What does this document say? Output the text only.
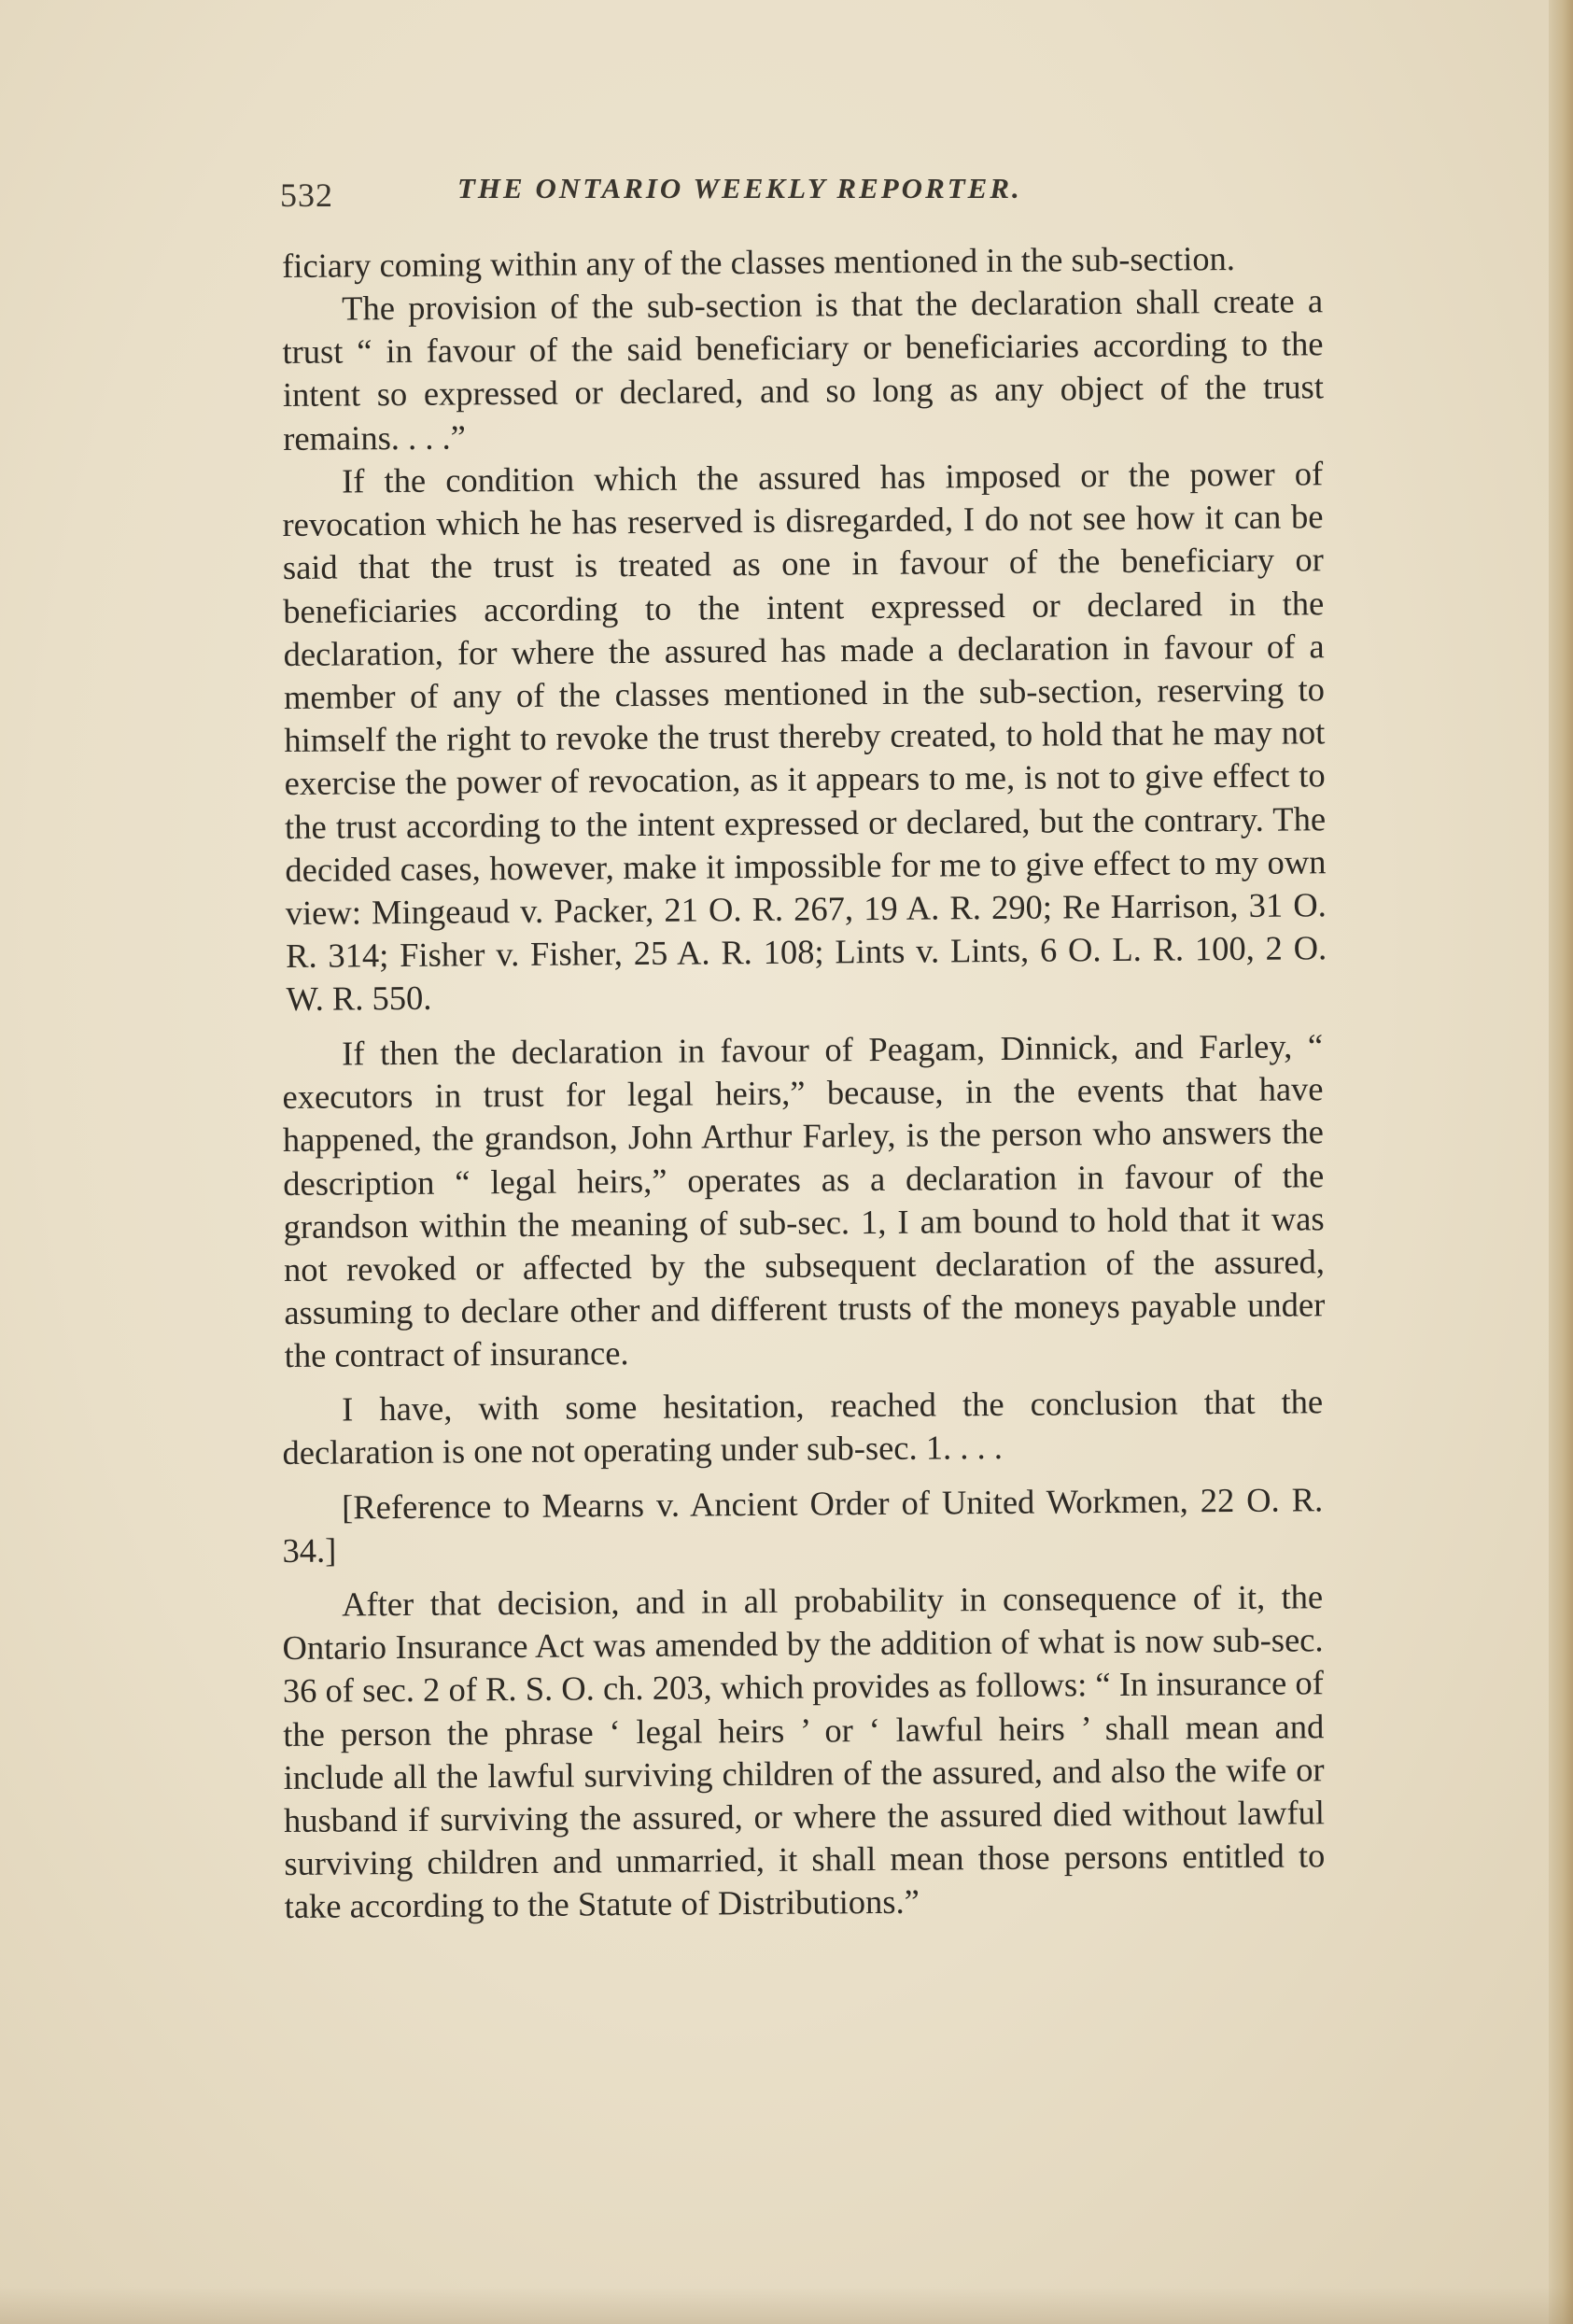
532	THE ONTARIO WEEKLY REPORTER.

ficiary coming within any of the classes mentioned in the sub-section.

The provision of the sub-section is that the declaration shall create a trust “ in favour of the said beneficiary or beneficiaries according to the intent so expressed or declared, and so long as any object of the trust remains. . . .”

If the condition which the assured has imposed or the power of revocation which he has reserved is disregarded, I do not see how it can be said that the trust is treated as one in favour of the beneficiary or beneficiaries according to the intent expressed or declared in the declaration, for where the assured has made a declaration in favour of a member of any of the classes mentioned in the sub-section, reserving to himself the right to revoke the trust thereby created, to hold that he may not exercise the power of revocation, as it appears to me, is not to give effect to the trust according to the intent expressed or declared, but the contrary. The decided cases, however, make it impossible for me to give effect to my own view: Mingeaud v. Packer, 21 O. R. 267, 19 A. R. 290; Re Harrison, 31 O. R. 314; Fisher v. Fisher, 25 A. R. 108; Lints v. Lints, 6 O. L. R. 100, 2 O. W. R. 550.

If then the declaration in favour of Peagam, Dinnick, and Farley, “ executors in trust for legal heirs,” because, in the events that have happened, the grandson, John Arthur Farley, is the person who answers the description “ legal heirs,” operates as a declaration in favour of the grandson within the meaning of sub-sec. 1, I am bound to hold that it was not revoked or affected by the subsequent declaration of the assured, assuming to declare other and different trusts of the moneys payable under the contract of insurance.

I have, with some hesitation, reached the conclusion that the declaration is one not operating under sub-sec. 1. . . .

[Reference to Mearns v. Ancient Order of United Workmen, 22 O. R. 34.]

After that decision, and in all probability in consequence of it, the Ontario Insurance Act was amended by the addition of what is now sub-sec. 36 of sec. 2 of R. S. O. ch. 203, which provides as follows: “ In insurance of the person the phrase ‘ legal heirs ’ or ‘ lawful heirs ’ shall mean and include all the lawful surviving children of the assured, and also the wife or husband if surviving the assured, or where the assured died without lawful surviving children and unmarried, it shall mean those persons entitled to take according to the Statute of Distributions.”
